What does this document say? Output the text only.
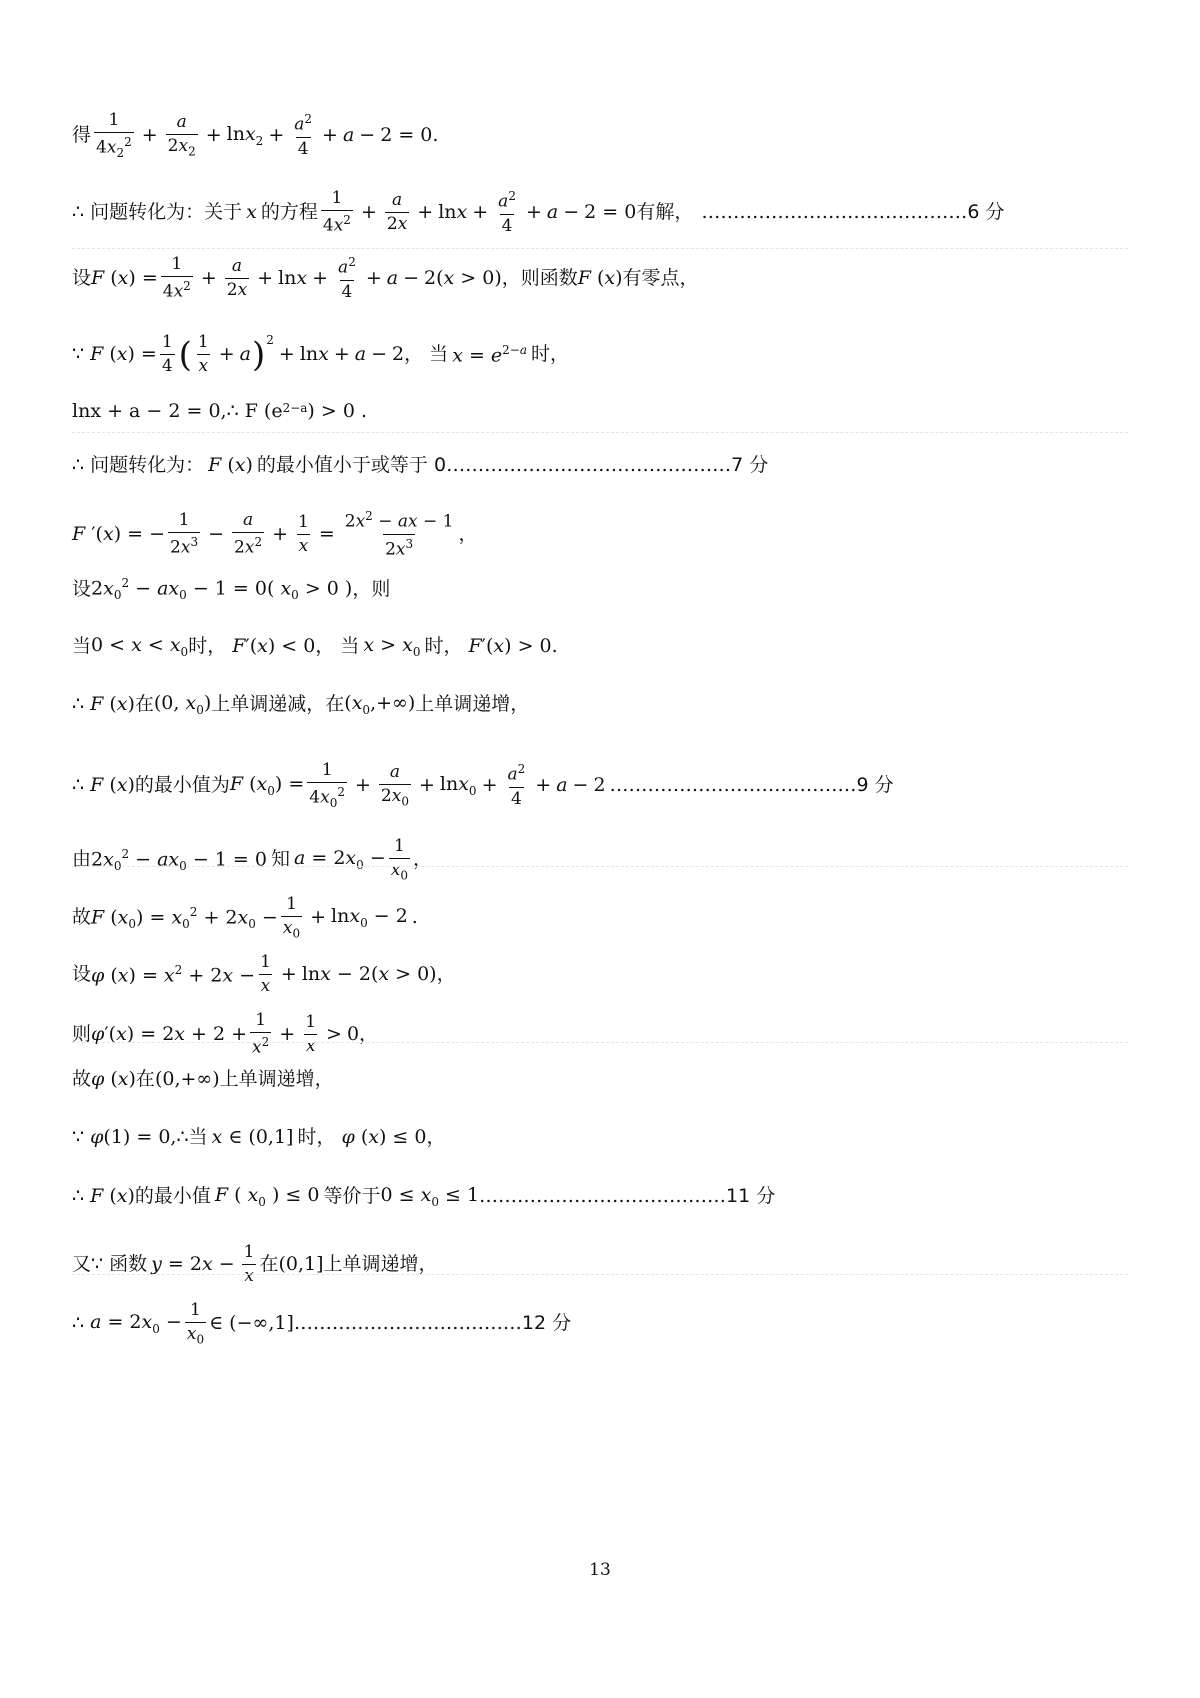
得 $\frac{1}{4x_2^2} + \frac{a}{2x_2} + \ln x_2 + \frac{a^2}{4} + a - 2 = 0$ .
∴ 问题转化为：关于 x 的方程 $\frac{1}{4x^2} + \frac{a}{2x} + \ln x + \frac{a^2}{4} + a - 2 = 0$ 有解， …………………………………… 6 分
设 F $(x) = \frac{1}{4x^2} + \frac{a}{2x} + \ln x + \frac{a^2}{4} + a - 2(x > 0)$ ，则函数 F (x) 有零点，
∵ F $(x) = \frac{1}{4}$ ( $\frac{1}{x} + a$ )$^2$
+ lnx + a − 2 ， 当 $x = e^{2-a}$ 时，
lnx + a − 2 = 0,∴ F (e 2−a ) > 0 .
∴ 问题转化为： F (x) 的最小值小于或等于 0 ……………………………………… 7 分
F ′(x) = − $\frac{1}{2x^3} - \frac{a}{2x^2} + \frac{1}{x} = \frac{2x^2 - ax - 1}{2x^3}$ ，
设 $2x_0^2 - ax_0 - 1 = 0$( $x_0 > 0$ ) ，则
当 $0 < x < x_0$ 时， F′(x) < 0 ， 当 $x > x_0$ 时， F′(x) > 0 .
∴ F (x) 在 (0, $x_0$) 上单调递减，在 $(x_0,+\infty)$ 上单调递增，
∴ F (x) 的最小值为 F $(x_0) = \frac{1}{4x_0^2} + \frac{a}{2x_0} + \ln x_0 + \frac{a^2}{4} + a - 2$ ………………………………… 9 分
由 $2x_0^2 - ax_0 - 1 = 0$ 知 $a = 2x_0 - \frac{1}{x_0}$ ，
故 F $(x_0) = x_0^2 + 2x_0 - \frac{1}{x_0} + \ln x_0 - 2$ .
设 φ $(x) = x^2 + 2x - \frac{1}{x} + \ln x - 2(x > 0)$ ，
则 $\varphi'(x) = 2x + 2 + \frac{1}{x^2} + \frac{1}{x} > 0$ ，
故 φ (x) 在 (0,+∞) 上单调递增，
∵ φ(1) = 0,∴ 当 x ∈ (0,1] 时， φ (x) ≤ 0 ，
∴ F (x) 的最小值 F ( $x_0$ ) ≤ 0 等价于 $0 \le x_0 \le 1$ ………………………………… 11 分
又∵ 函数 $y = 2x - \frac{1}{x}$ 在 (0,1] 上单调递增，
∴ $a = 2x_0 - \frac{1}{x_0}$ ∈ (−∞,1] ……………………………… 12 分
13
